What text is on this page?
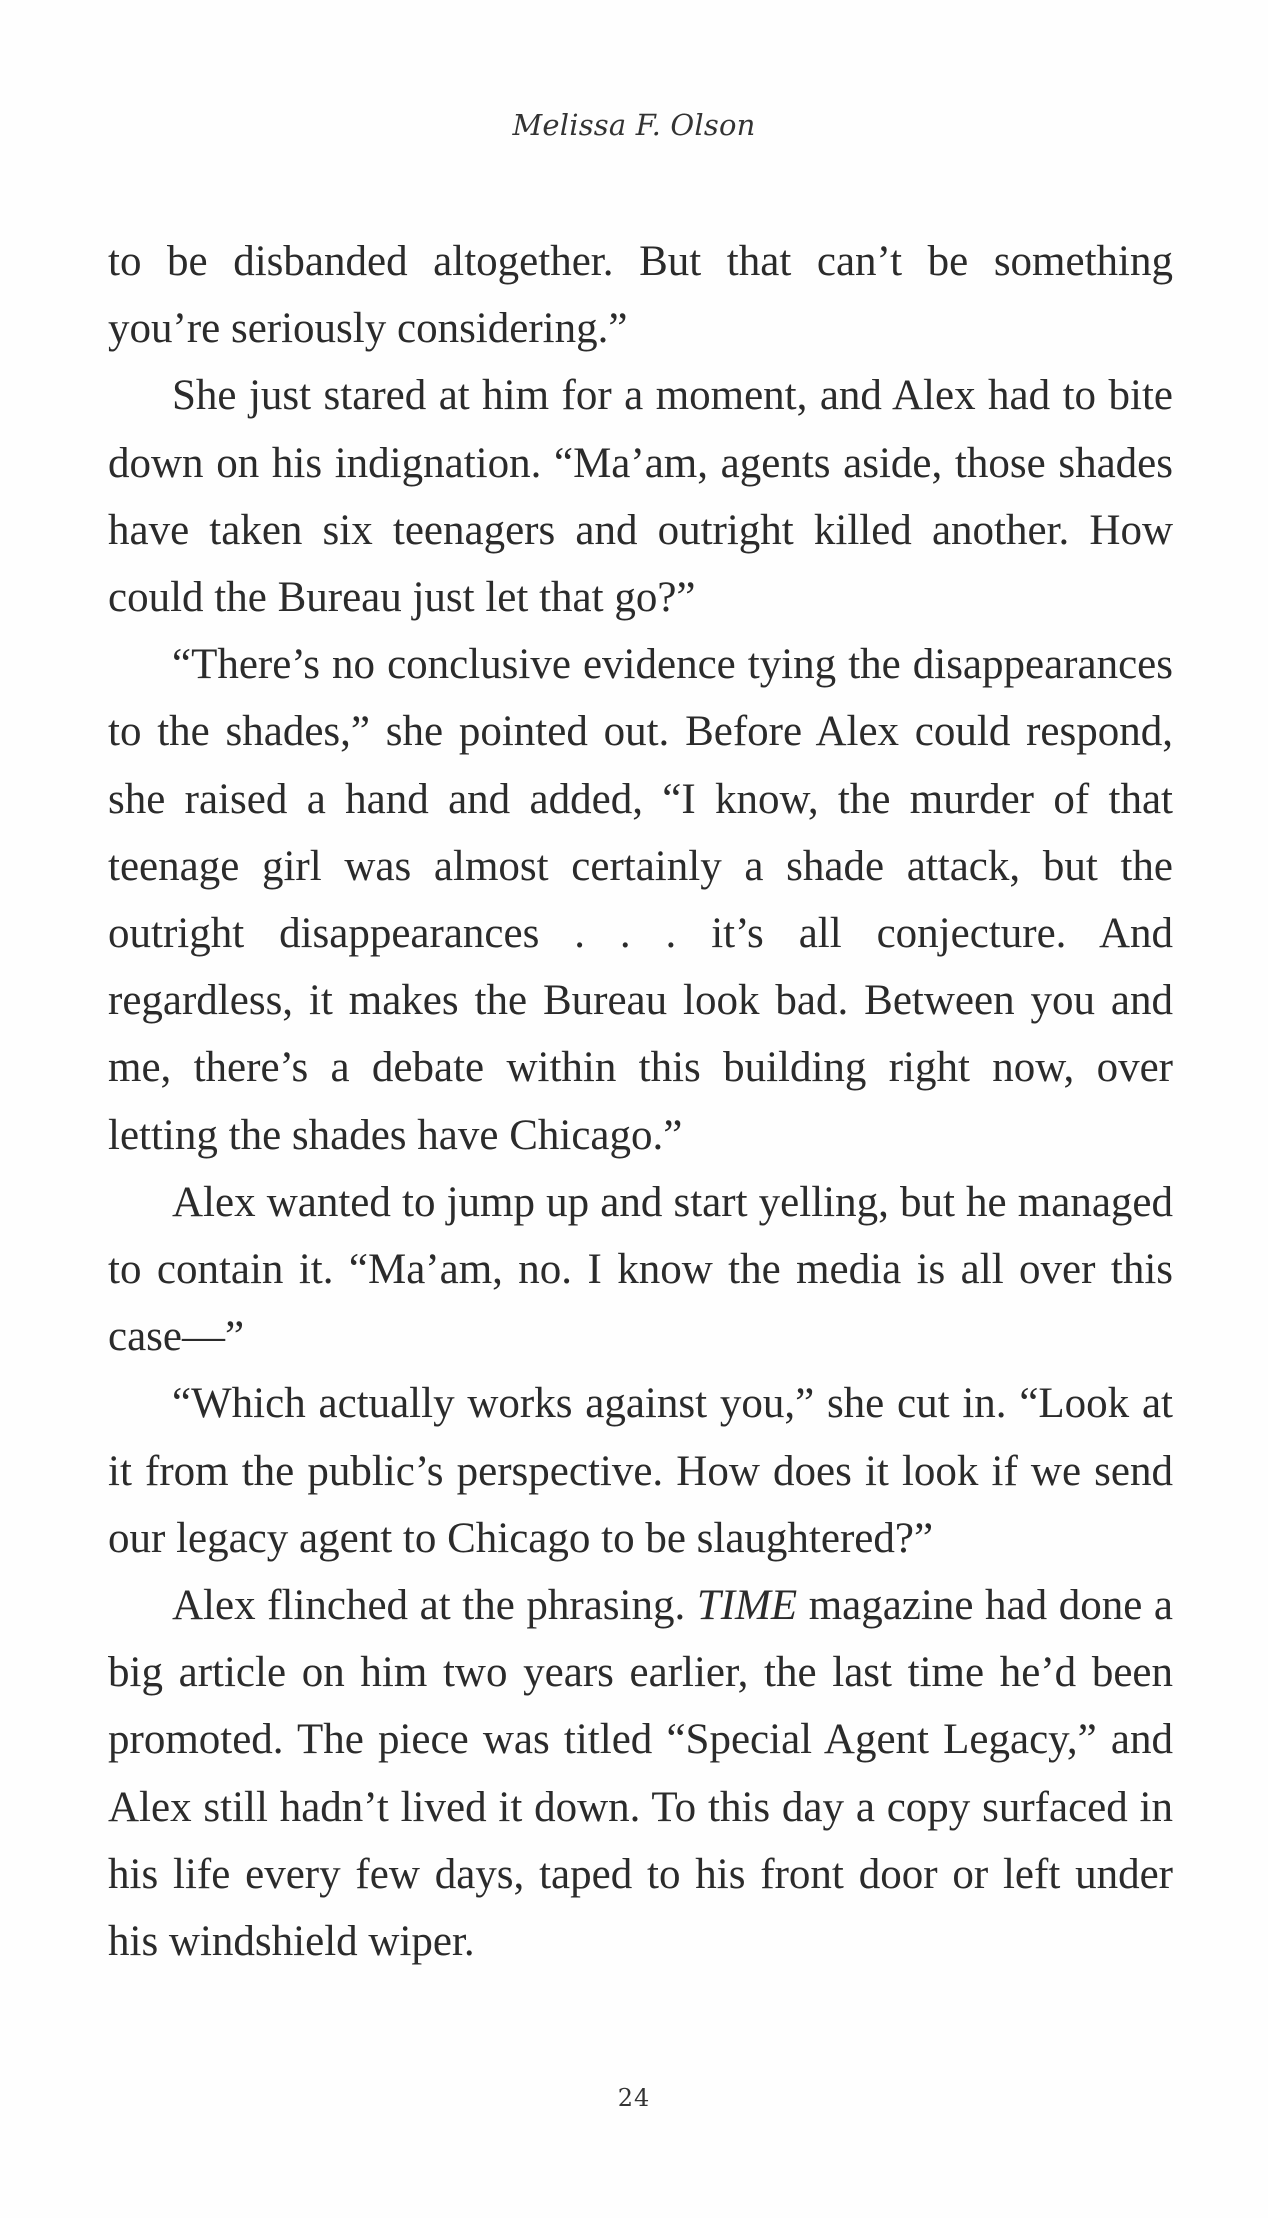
Melissa F. Olson

to be disbanded altogether. But that can’t be something you’re seriously considering.”

She just stared at him for a moment, and Alex had to bite down on his indignation. “Ma’am, agents aside, those shades have taken six teenagers and outright killed another. How could the Bureau just let that go?”

“There’s no conclusive evidence tying the disappearances to the shades,” she pointed out. Before Alex could respond, she raised a hand and added, “I know, the murder of that teenage girl was almost certainly a shade attack, but the outright disappearances . . . it’s all conjecture. And regardless, it makes the Bureau look bad. Between you and me, there’s a debate within this building right now, over letting the shades have Chicago.”

Alex wanted to jump up and start yelling, but he managed to contain it. “Ma’am, no. I know the media is all over this case—”

“Which actually works against you,” she cut in. “Look at it from the public’s perspective. How does it look if we send our legacy agent to Chicago to be slaughtered?”

Alex flinched at the phrasing. TIME magazine had done a big article on him two years earlier, the last time he’d been promoted. The piece was titled “Special Agent Legacy,” and Alex still hadn’t lived it down. To this day a copy surfaced in his life every few days, taped to his front door or left under his windshield wiper.

24
